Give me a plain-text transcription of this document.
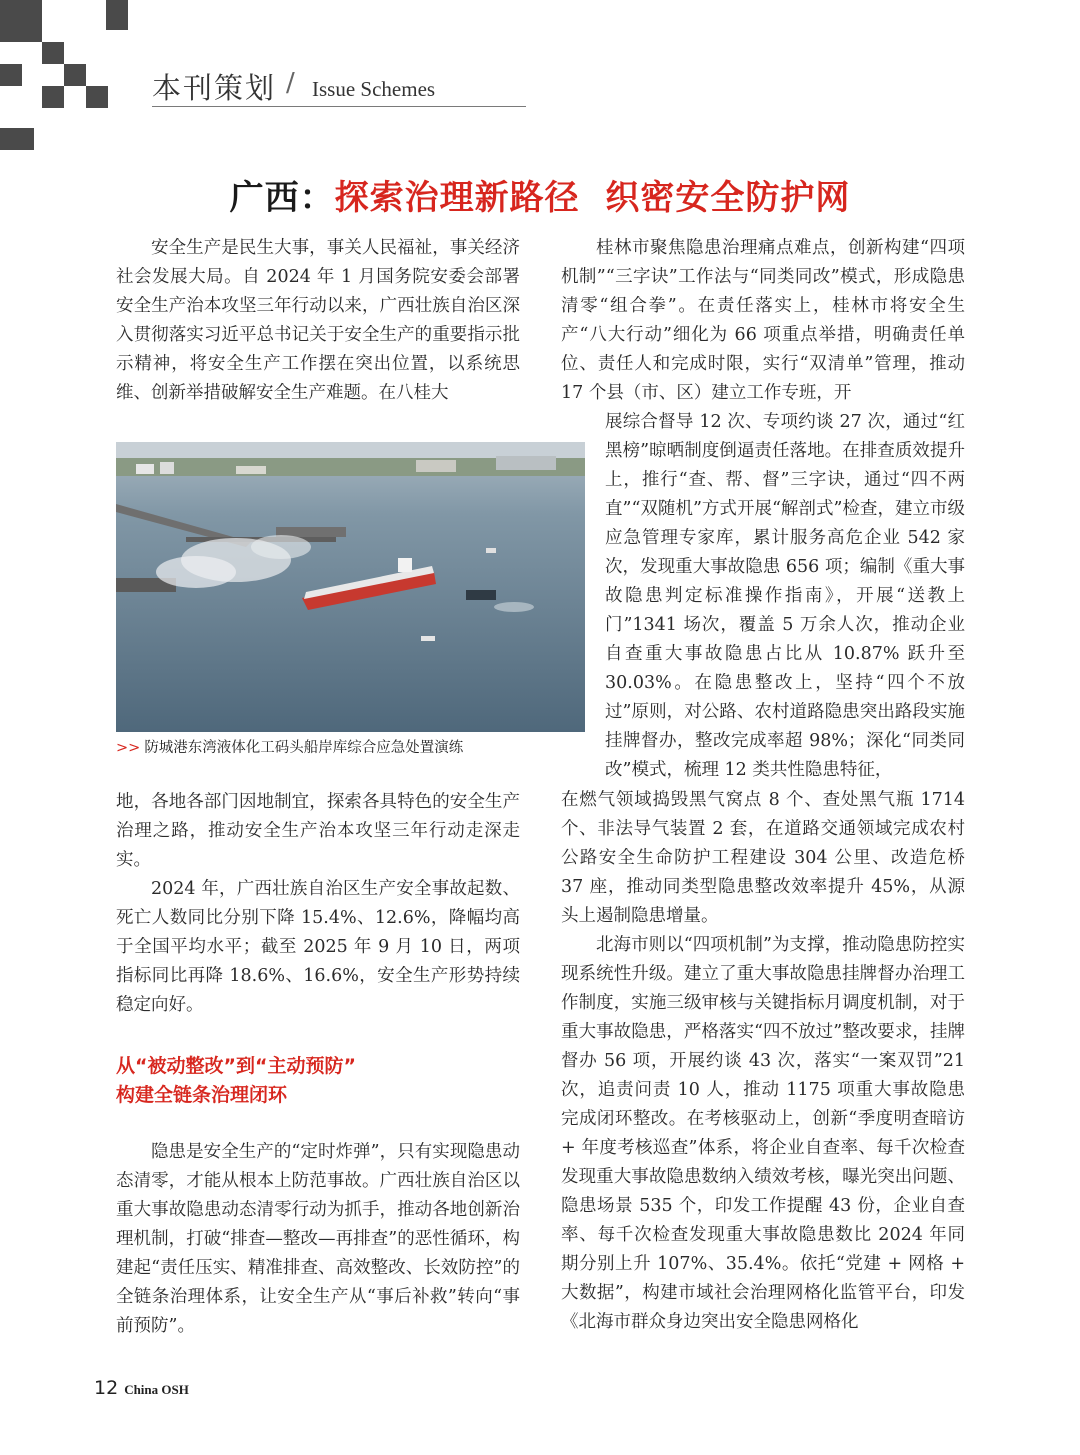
本刊策划 / Issue Schemes
广西：探索治理新路径  织密安全防护网

安全生产是民生大事，事关人民福祉，事关经济社会发展大局。自 2024 年 1 月国务院安委会部署安全生产治本攻坚三年行动以来，广西壮族自治区深入贯彻落实习近平总书记关于安全生产的重要指示批示精神，将安全生产工作摆在突出位置，以系统思维、创新举措破解安全生产难题。在八桂大

>> 防城港东湾液体化工码头船岸库综合应急处置演练

地，各地各部门因地制宜，探索各具特色的安全生产治理之路，推动安全生产治本攻坚三年行动走深走实。

2024 年，广西壮族自治区生产安全事故起数、死亡人数同比分别下降 15.4%、12.6%，降幅均高于全国平均水平；截至 2025 年 9 月 10 日，两项指标同比再降 18.6%、16.6%，安全生产形势持续稳定向好。

从“被动整改”到“主动预防”
构建全链条治理闭环

隐患是安全生产的“定时炸弹”，只有实现隐患动态清零，才能从根本上防范事故。广西壮族自治区以重大事故隐患动态清零行动为抓手，推动各地创新治理机制，打破“排查—整改—再排查”的恶性循环，构建起“责任压实、精准排查、高效整改、长效防控”的全链条治理体系，让安全生产从“事后补救”转向“事前预防”。

桂林市聚焦隐患治理痛点难点，创新构建“四项机制”“三字诀”工作法与“同类同改”模式，形成隐患清零“组合拳”。在责任落实上，桂林市将安全生产“八大行动”细化为 66 项重点举措，明确责任单位、责任人和完成时限，实行“双清单”管理，推动 17 个县（市、区）建立工作专班，开

展综合督导 12 次、专项约谈 27 次，通过“红黑榜”晾晒制度倒逼责任落地。在排查质效提升上，推行“查、帮、督”三字诀，通过“四不两直”“双随机”方式开展“解剖式”检查，建立市级应急管理专家库，累计服务高危企业 542 家次，发现重大事故隐患 656 项；编制《重大事故隐患判定标准操作指南》，开展“送教上门”1341 场次，覆盖 5 万余人次，推动企业自查重大事故隐患占比从 10.87% 跃升至 30.03%。在隐患整改上，坚持“四个不放过”原则，对公路、农村道路隐患突出路段实施挂牌督办，整改完成率超 98%；深化“同类同改”模式，梳理 12 类共性隐患特征，

在燃气领域捣毁黑气窝点 8 个、查处黑气瓶 1714 个、非法导气装置 2 套，在道路交通领域完成农村公路安全生命防护工程建设 304 公里、改造危桥 37 座，推动同类型隐患整改效率提升 45%，从源头上遏制隐患增量。

北海市则以“四项机制”为支撑，推动隐患防控实现系统性升级。建立了重大事故隐患挂牌督办治理工作制度，实施三级审核与关键指标月调度机制，对于重大事故隐患，严格落实“四不放过”整改要求，挂牌督办 56 项，开展约谈 43 次，落实“一案双罚”21 次，追责问责 10 人，推动 1175 项重大事故隐患完成闭环整改。在考核驱动上，创新“季度明查暗访 + 年度考核巡查”体系，将企业自查率、每千次检查发现重大事故隐患数纳入绩效考核，曝光突出问题、隐患场景 535 个，印发工作提醒 43 份，企业自查率、每千次检查发现重大事故隐患数比 2024 年同期分别上升 107%、35.4%。依托“党建 + 网格 + 大数据”，构建市域社会治理网格化监管平台，印发《北海市群众身边突出安全隐患网格化

12 China OSH
